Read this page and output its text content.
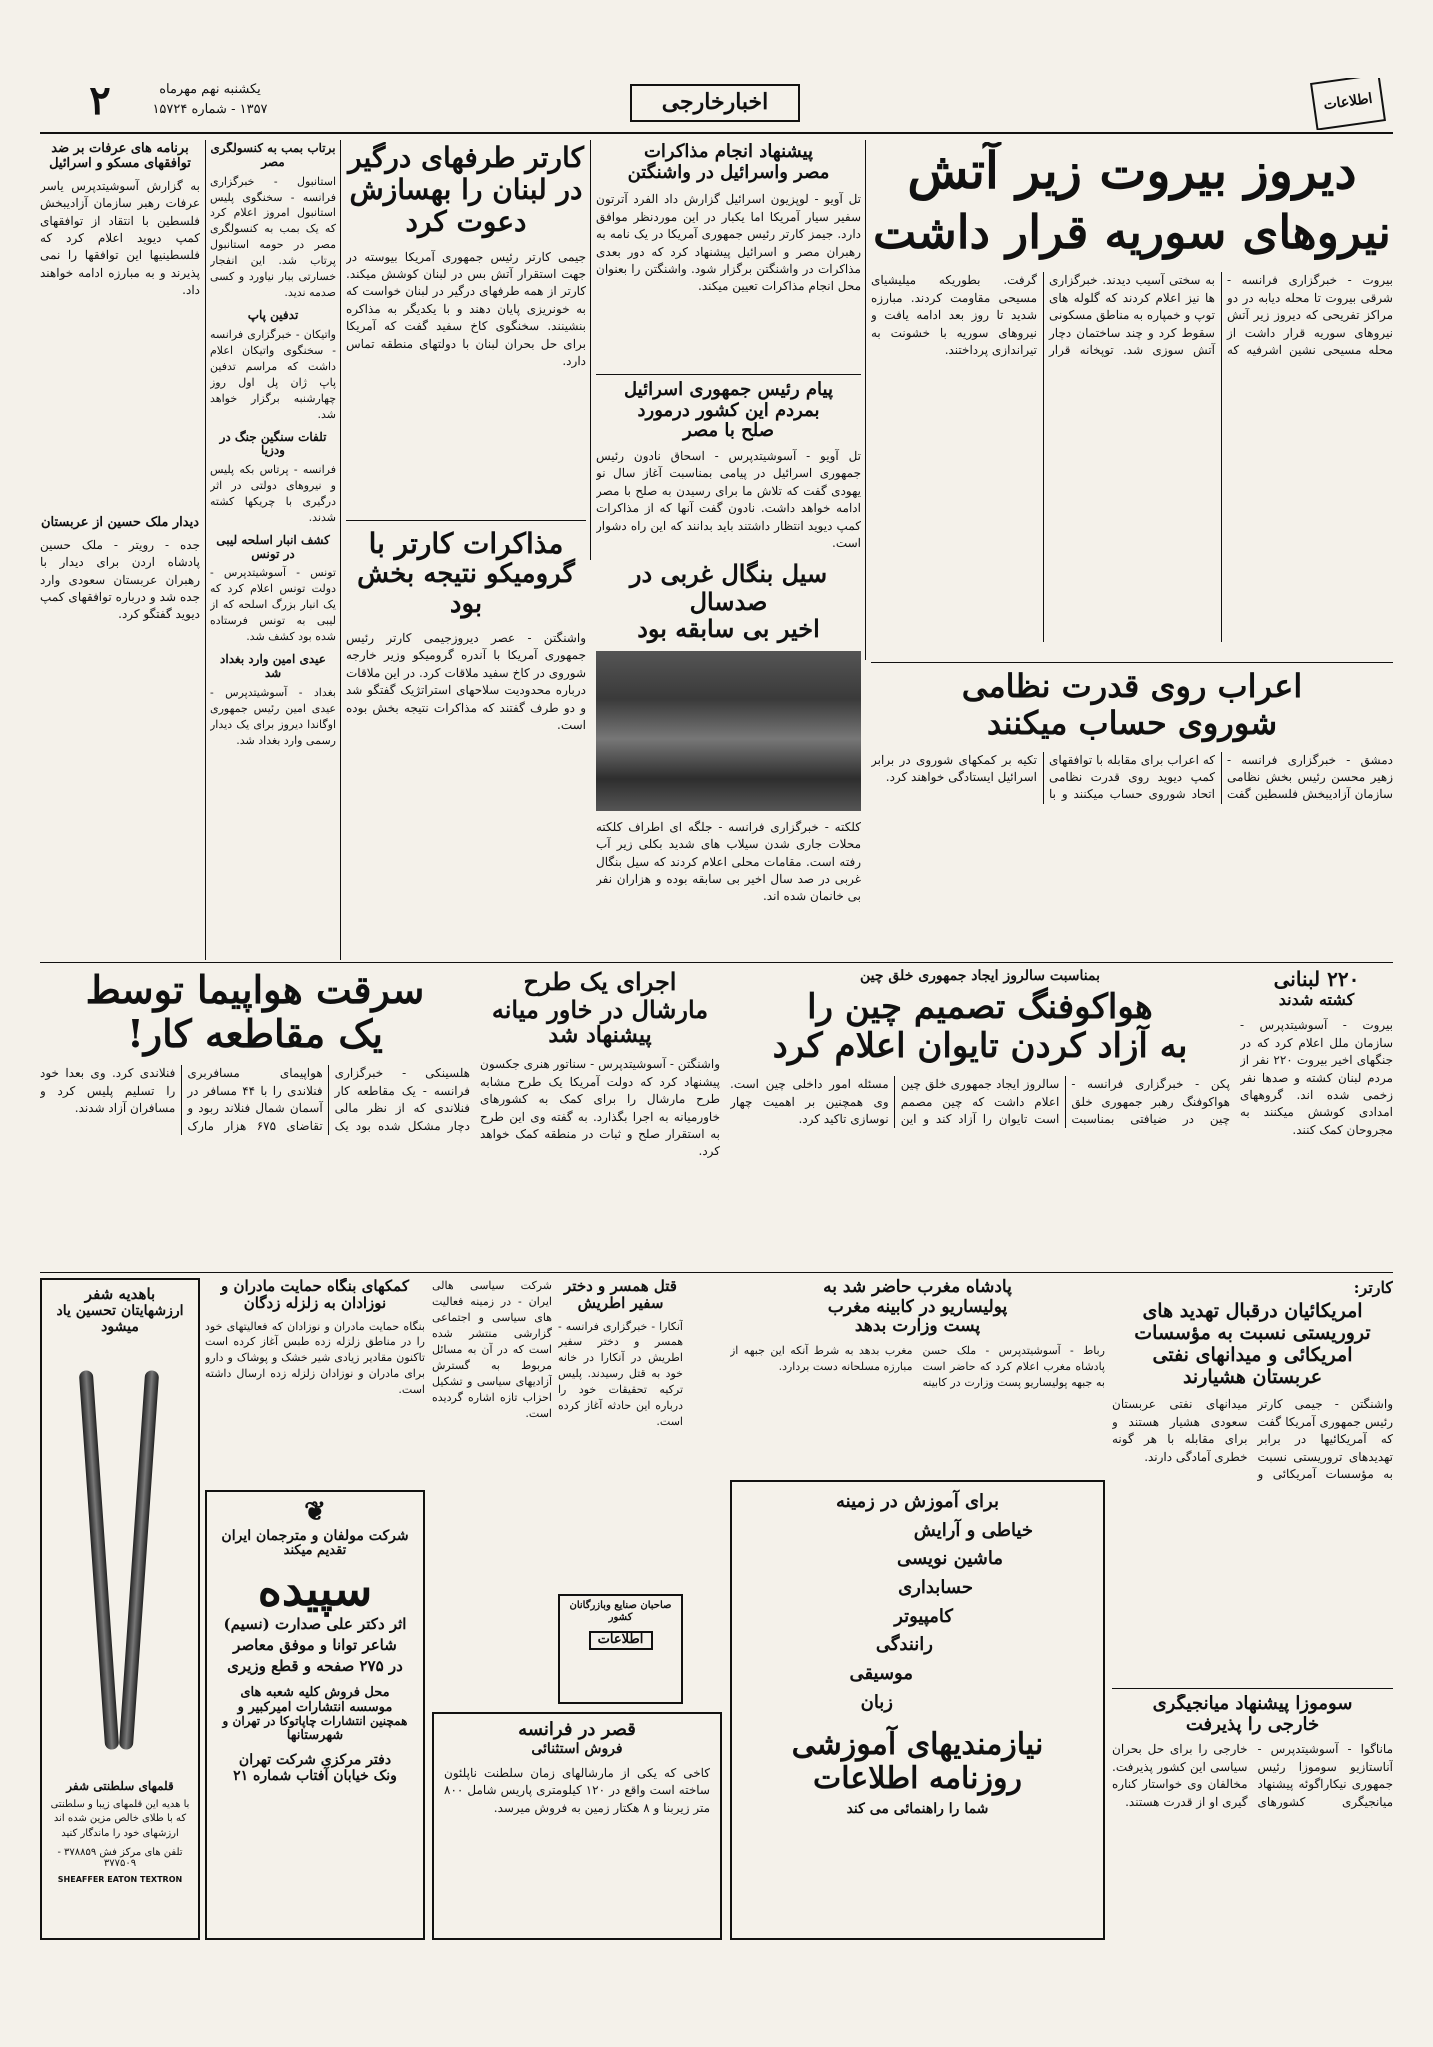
۲	یکشنبه نهم مهرماه
۱۳۵۷ - شماره ۱۵۷۲۴	اخبارخارجی	اطلاعات
برنامه های عرفات بر ضد توافقهای مسکو و اسرائیل
به گزارش آسوشیتدپرس یاسر عرفات رهبر سازمان آزادیبخش فلسطین با انتقاد از توافقهای کمپ دیوید اعلام کرد که فلسطینیها این توافقها را نمی پذیرند و به مبارزه ادامه خواهند داد.
دیدار ملک حسین از عربستان
جده - رویتر - ملک حسین پادشاه اردن برای دیدار با رهبران عربستان سعودی وارد جده شد و درباره توافقهای کمپ دیوید گفتگو کرد.
برتاب بمب به کنسولگری مصر
استانبول - خبرگزاری فرانسه - سخنگوی پلیس استانبول امروز اعلام کرد که یک بمب به کنسولگری مصر در حومه استانبول پرتاب شد. این انفجار خسارتی ببار نیاورد و کسی صدمه ندید.
تدفین پاپ
واتیکان - خبرگزاری فرانسه - سخنگوی واتیکان اعلام داشت که مراسم تدفین پاپ ژان پل اول روز چهارشنبه برگزار خواهد شد.
تلفات سنگین جنگ در ودزیا
فرانسه - پرتاس بکه پلیس و نیروهای دولتی در اثر درگیری با چریکها کشته شدند.
کشف انبار اسلحه لیبی در تونس
تونس - آسوشیتدپرس - دولت تونس اعلام کرد که یک انبار بزرگ اسلحه که از لیبی به تونس فرستاده شده بود کشف شد.
عیدی امین وارد بغداد شد
بغداد - آسوشیتدپرس - عیدی امین رئیس جمهوری اوگاندا دیروز برای یک دیدار رسمی وارد بغداد شد.
کارتر طرفهای درگیر
در لبنان را بهسازش
دعوت کرد
جیمی کارتر رئیس جمهوری آمریکا بیوسته در جهت استقرار آتش بس در لبنان کوشش میکند. کارتر از همه طرفهای درگیر در لبنان خواست که به خونریزی پایان دهند و با یکدیگر به مذاکره بنشینند. سخنگوی کاخ سفید گفت که آمریکا برای حل بحران لبنان با دولتهای منطقه تماس دارد.
مذاکرات کارتر با
گرومیکو نتیجه بخش بود
واشنگتن - عصر دیروزجیمی کارتر رئیس جمهوری آمریکا با آندره گرومیکو وزیر خارجه شوروی در کاخ سفید ملاقات کرد. در این ملاقات درباره محدودیت سلاحهای استراتژیک گفتگو شد و دو طرف گفتند که مذاکرات نتیجه بخش بوده است.
پیشنهاد انجام مذاکرات
مصر واسرائیل در واشنگتن
تل آویو - لوپزیون اسرائیل گزارش داد الفرد آترتون سفیر سیار آمریکا اما یکبار در این موردنظر موافق دارد. جیمز کارتر رئیس جمهوری آمریکا در یک نامه به رهبران مصر و اسرائیل پیشنهاد کرد که دور بعدی مذاکرات در واشنگتن برگزار شود. واشنگتن را بعنوان محل انجام مذاکرات تعیین میکند.
پیام رئیس جمهوری اسرائیل
بمردم این کشور درمورد
صلح با مصر
تل آویو - آسوشیتدپرس - اسحاق نادون رئیس جمهوری اسرائیل در پیامی بمناسبت آغاز سال نو یهودی گفت که تلاش ما برای رسیدن به صلح با مصر ادامه خواهد داشت. نادون گفت آنها که از مذاکرات کمپ دیوید انتظار داشتند باید بدانند که این راه دشوار است.
دیروز بیروت زیر آتش
نیروهای سوریه قرار داشت
بیروت - خبرگزاری فرانسه - شرقی بیروت تا محله دیابه در دو مراکز تفریحی که دیروز زیر آتش نیروهای سوریه قرار داشت از محله مسیحی نشین اشرفیه که به سختی آسیب دیدند. خبرگزاری ها نیز اعلام کردند که گلوله های توپ و خمپاره به مناطق مسکونی سقوط کرد و چند ساختمان دچار آتش سوزی شد. توپخانه قرار گرفت. بطوریکه میلیشیای مسیحی مقاومت کردند. مبارزه شدید تا روز بعد ادامه یافت و نیروهای سوریه با خشونت به تیراندازی پرداختند.
سیل بنگال غربی در صدسال
اخیر بی سابقه بود
کلکته - خبرگزاری فرانسه - جلگه ای اطراف کلکته محلات جاری شدن سیلاب های شدید بکلی زیر آب رفته است. مقامات محلی اعلام کردند که سیل بنگال غربی در صد سال اخیر بی سابقه بوده و هزاران نفر بی خانمان شده اند.
اعراب روی قدرت نظامی
شوروی حساب میکنند
دمشق - خبرگزاری فرانسه - زهیر محسن رئیس بخش نظامی سازمان آزادیبخش فلسطین گفت که اعراب برای مقابله با توافقهای کمپ دیوید روی قدرت نظامی اتحاد شوروی حساب میکنند و با تکیه بر کمکهای شوروی در برابر اسرائیل ایستادگی خواهند کرد.
سرقت هواپیما توسط
یک مقاطعه کار!
هلسینکی - خبرگزاری فرانسه - یک مقاطعه کار فنلاندی که از نظر مالی دچار مشکل شده بود یک هواپیمای مسافربری فنلاندی را با ۴۴ مسافر در آسمان شمال فنلاند ربود و تقاضای ۶۷۵ هزار مارک فنلاندی کرد. وی بعدا خود را تسلیم پلیس کرد و مسافران آزاد شدند.
اجرای یک طرح
مارشال در خاور میانه
پیشنهاد شد
واشنگتن - آسوشیتدپرس - سناتور هنری جکسون پیشنهاد کرد که دولت آمریکا یک طرح مشابه طرح مارشال را برای کمک به کشورهای خاورمیانه به اجرا بگذارد. به گفته وی این طرح به استقرار صلح و ثبات در منطقه کمک خواهد کرد.
بمناسبت سالروز ایجاد جمهوری خلق چین
هواکوفنگ تصمیم چین را
به آزاد کردن تایوان اعلام کرد
پکن - خبرگزاری فرانسه - هواکوفنگ رهبر جمهوری خلق چین در ضیافتی بمناسبت سالروز ایجاد جمهوری خلق چین اعلام داشت که چین مصمم است تایوان را آزاد کند و این مسئله امور داخلی چین است. وی همچنین بر اهمیت چهار نوسازی تاکید کرد.
۲۲۰ لبنانی
کشته شدند
بیروت - آسوشیتدپرس - سازمان ملل اعلام کرد که در جنگهای اخیر بیروت ۲۲۰ نفر از مردم لبنان کشته و صدها نفر زخمی شده اند. گروههای امدادی کوشش میکنند به مجروحان کمک کنند.
باهدیه شفر
ارزشهایتان تحسین یاد
میشود
قلمهای سلطنتی شفر
با هدیه این قلمهای زیبا و سلطنتی که با طلای خالص مزین شده اند ارزشهای خود را ماندگار کنید
تلفن های مرکز فش ۳۷۸۸۵۹ - ۳۷۷۵۰۹
SHEAFFER EATON TEXTRON
کمکهای بنگاه حمایت مادران و
نوزادان به زلزله زدگان
بنگاه حمایت مادران و نوزادان که فعالیتهای خود را در مناطق زلزله زده طبس آغاز کرده است تاکنون مقادیر زیادی شیر خشک و پوشاک و دارو برای مادران و نوزادان زلزله زده ارسال داشته است.
❦
شرکت مولفان و مترجمان ایران
تقدیم میکند
سپیده
اثر دکتر علی صدارت (نسیم)
شاعر توانا و موفق معاصر
در ۲۷۵ صفحه و قطع وزیری
محل فروش کلیه شعبه های
موسسه انتشارات امیرکبیر و
همچنین انتشارات چاپاتوکا در تهران و
شهرستانها
دفتر مرکزی شرکت تهران
ونک خیابان آفتاب شماره ۲۱
شرکت سیاسی هالی ایران - در زمینه فعالیت های سیاسی و اجتماعی گزارشی منتشر شده است که در آن به مسائل مربوط به گسترش آزادیهای سیاسی و تشکیل احزاب تازه اشاره گردیده است.
قتل همسر و دختر
سفیر اطریش
آنکارا - خبرگزاری فرانسه - همسر و دختر سفیر اطریش در آنکارا در خانه خود به قتل رسیدند. پلیس ترکیه تحقیقات خود را درباره این حادثه آغاز کرده است.
صاحبان صنایع وبازرگانان کشور
اطلاعات
قصر در فرانسه
فروش استثنائی
کاخی که یکی از مارشالهای زمان سلطنت ناپلئون ساخته است واقع در ۱۲۰ کیلومتری پاریس شامل ۸۰۰ متر زیربنا و ۸ هکتار زمین به فروش میرسد.
پادشاه مغرب حاضر شد به
پولیساریو در کابینه مغرب
پست وزارت بدهد
رباط - آسوشیتدپرس - ملک حسن پادشاه مغرب اعلام کرد که حاضر است به جبهه پولیساریو پست وزارت در کابینه مغرب بدهد به شرط آنکه این جبهه از مبارزه مسلحانه دست بردارد.
برای آموزش در زمینه
خیاطی و آرایش
ماشین نویسی
حسابداری
کامپیوتر
رانندگی
موسیقی
زبان
نیازمندیهای آموزشی
روزنامه اطلاعات
شما را راهنمائی می کند
کارتر:
امریکائیان درقبال تهدید های
تروریستی نسبت به مؤسسات
امریکائی و میدانهای نفتی
عربستان هشیارند
واشنگتن - جیمی کارتر رئیس جمهوری آمریکا گفت که آمریکائیها در برابر تهدیدهای تروریستی نسبت به مؤسسات آمریکائی و میدانهای نفتی عربستان سعودی هشیار هستند و برای مقابله با هر گونه خطری آمادگی دارند.
سوموزا پیشنهاد میانجیگری
خارجی را پذیرفت
ماناگوا - آسوشیتدپرس - آناستازیو سوموزا رئیس جمهوری نیکاراگوئه پیشنهاد میانجیگری کشورهای خارجی را برای حل بحران سیاسی این کشور پذیرفت. مخالفان وی خواستار کناره گیری او از قدرت هستند.
